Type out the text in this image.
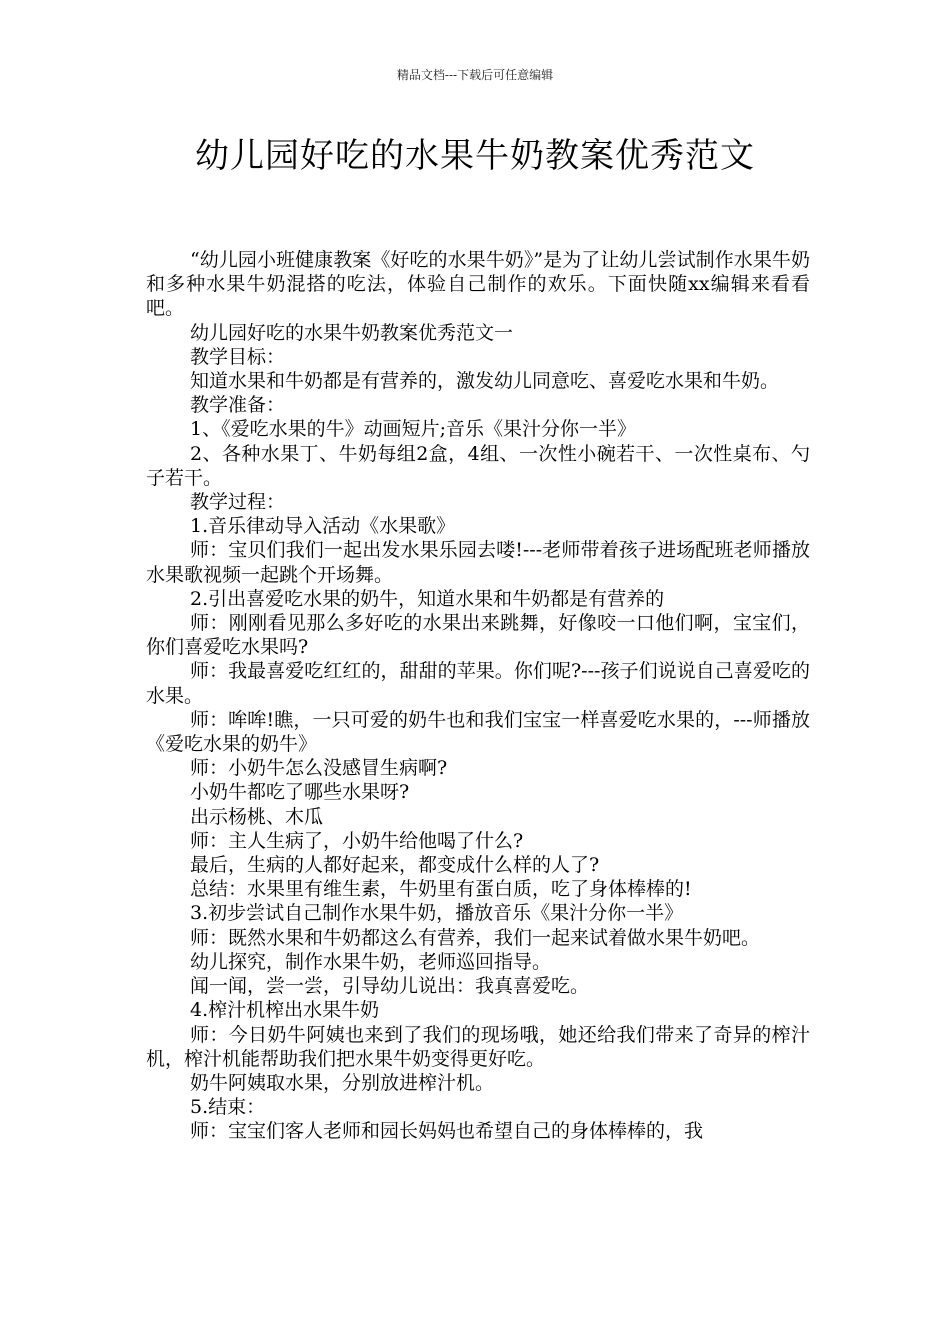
精品文档---下载后可任意编辑
幼儿园好吃的水果牛奶教案优秀范文

“幼儿园小班健康教案《好吃的水果牛奶》”是为了让幼儿尝试制作水果牛奶和多种水果牛奶混搭的吃法，体验自己制作的欢乐。下面快随xx编辑来看看吧。

幼儿园好吃的水果牛奶教案优秀范文一

教学目标：

知道水果和牛奶都是有营养的，激发幼儿同意吃、喜爱吃水果和牛奶。

教学准备：

1、《爱吃水果的牛》动画短片;音乐《果汁分你一半》

2、各种水果丁、牛奶每组2盒，4组、一次性小碗若干、一次性桌布、勺子若干。

教学过程：

1.音乐律动导入活动《水果歌》

师：宝贝们我们一起出发水果乐园去喽!---老师带着孩子进场配班老师播放水果歌视频一起跳个开场舞。

2.引出喜爱吃水果的奶牛，知道水果和牛奶都是有营养的

师：刚刚看见那么多好吃的水果出来跳舞，好像咬一口他们啊，宝宝们，你们喜爱吃水果吗?

师：我最喜爱吃红红的，甜甜的苹果。你们呢?---孩子们说说自己喜爱吃的水果。

师：哞哞!瞧，一只可爱的奶牛也和我们宝宝一样喜爱吃水果的，---师播放《爱吃水果的奶牛》

师：小奶牛怎么没感冒生病啊?

小奶牛都吃了哪些水果呀?

出示杨桃、木瓜

师：主人生病了，小奶牛给他喝了什么?

最后，生病的人都好起来，都变成什么样的人了?

总结：水果里有维生素，牛奶里有蛋白质，吃了身体棒棒的!

3.初步尝试自己制作水果牛奶，播放音乐《果汁分你一半》

师：既然水果和牛奶都这么有营养，我们一起来试着做水果牛奶吧。

幼儿探究，制作水果牛奶，老师巡回指导。

闻一闻，尝一尝，引导幼儿说出：我真喜爱吃。

4.榨汁机榨出水果牛奶

师：今日奶牛阿姨也来到了我们的现场哦，她还给我们带来了奇异的榨汁机，榨汁机能帮助我们把水果牛奶变得更好吃。

奶牛阿姨取水果，分别放进榨汁机。

5.结束：

师：宝宝们客人老师和园长妈妈也希望自己的身体棒棒的，我
